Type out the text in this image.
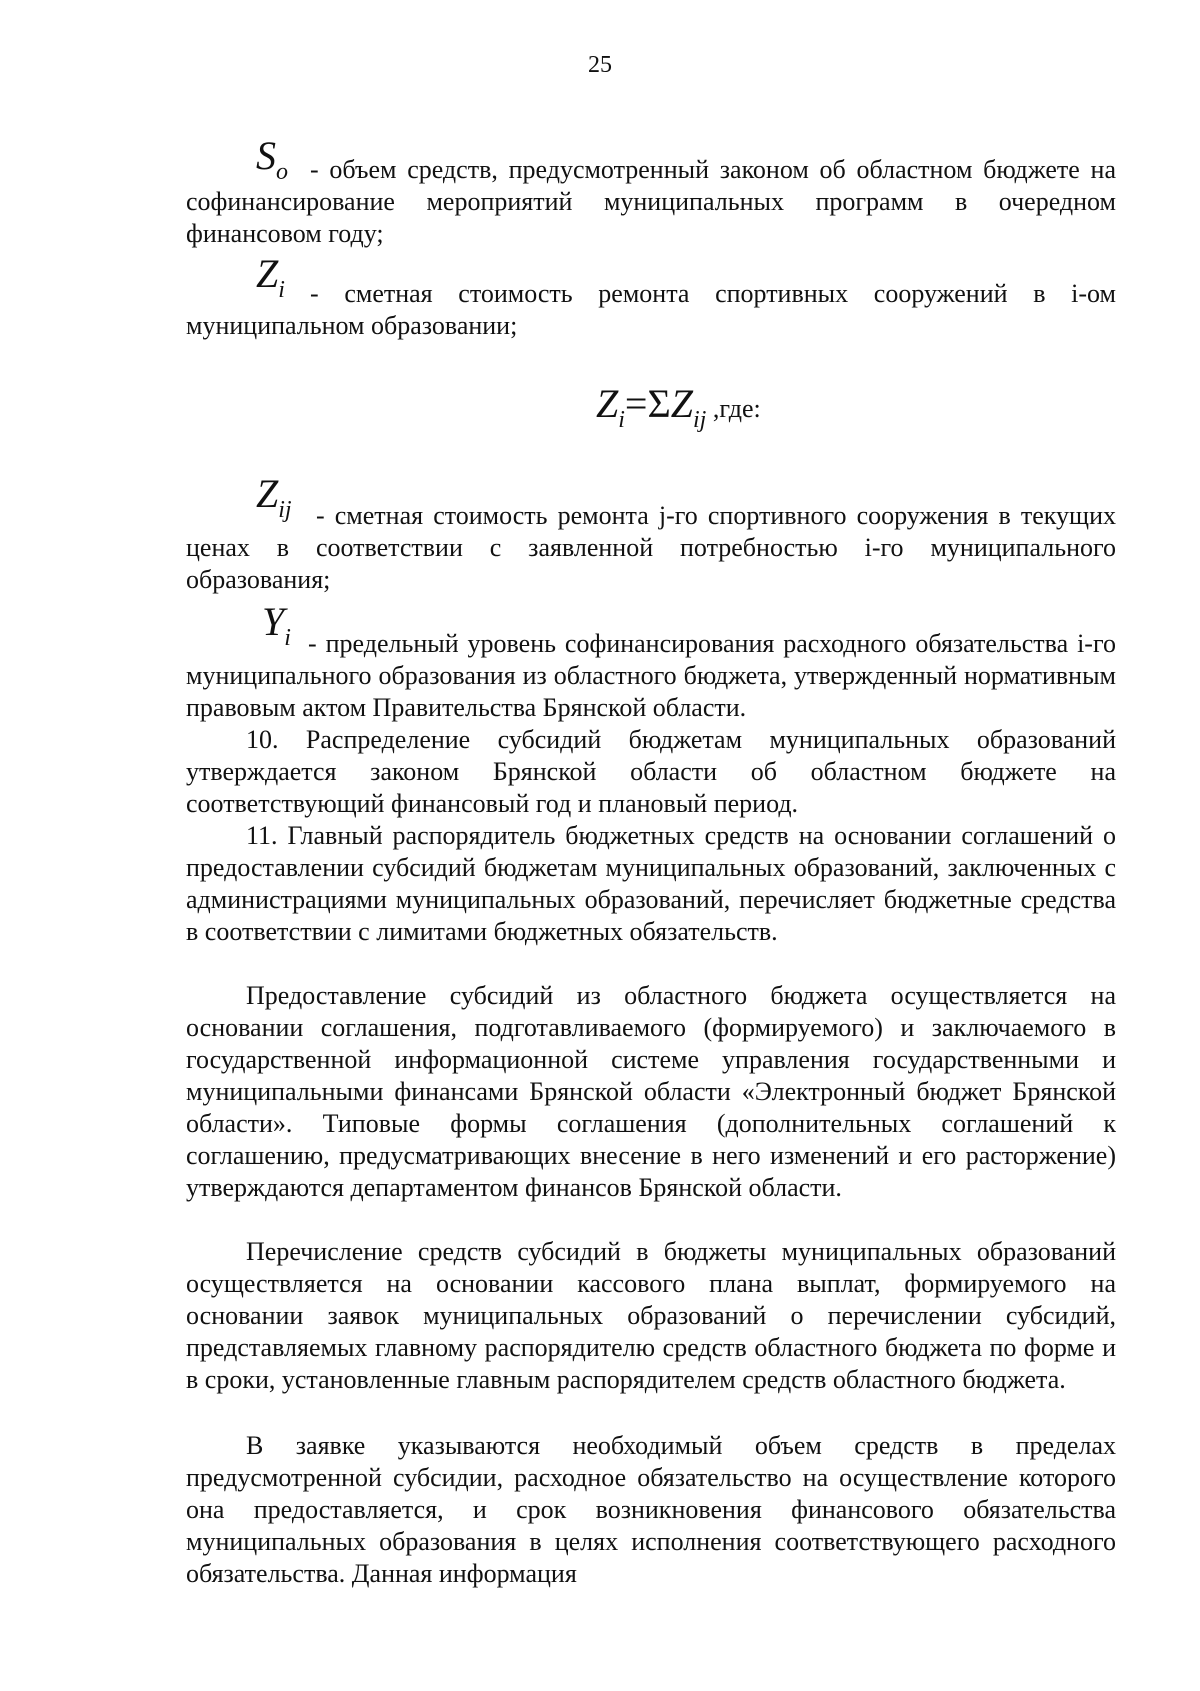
25
$S_o$ - объем средств, предусмотренный законом об областном бюджете на софинансирование мероприятий муниципальных программ в очередном финансовом году;

$Z_i$ - сметная стоимость ремонта спортивных сооружений в i-ом муниципальном образовании;

$Z_i=\Sigma Z_{ij}$ ,где:
$Z_{ij}$ - сметная стоимость ремонта j-го спортивного сооружения в текущих ценах в соответствии с заявленной потребностью i-го муниципального образования;

$Y_i$ - предельный уровень софинансирования расходного обязательства i-го муниципального образования из областного бюджета, утвержденный нормативным правовым актом Правительства Брянской области.

10. Распределение субсидий бюджетам муниципальных образований утверждается законом Брянской области об областном бюджете на соответствующий финансовый год и плановый период.

11. Главный распорядитель бюджетных средств на основании соглашений о предоставлении субсидий бюджетам муниципальных образований, заключенных с администрациями муниципальных образований, перечисляет бюджетные средства в соответствии с лимитами бюджетных обязательств.

Предоставление субсидий из областного бюджета осуществляется на основании соглашения, подготавливаемого (формируемого) и заключаемого в государственной информационной системе управления государственными и муниципальными финансами Брянской области «Электронный бюджет Брянской области». Типовые формы соглашения (дополнительных соглашений к соглашению, предусматривающих внесение в него изменений и его расторжение) утверждаются департаментом финансов Брянской области.

Перечисление средств субсидий в бюджеты муниципальных образований осуществляется на основании кассового плана выплат, формируемого на основании заявок муниципальных образований о перечислении субсидий, представляемых главному распорядителю средств областного бюджета по форме и в сроки, установленные главным распорядителем средств областного бюджета.

В заявке указываются необходимый объем средств в пределах предусмотренной субсидии, расходное обязательство на осуществление которого она предоставляется, и срок возникновения финансового обязательства муниципальных образования в целях исполнения соответствующего расходного обязательства. Данная информация
